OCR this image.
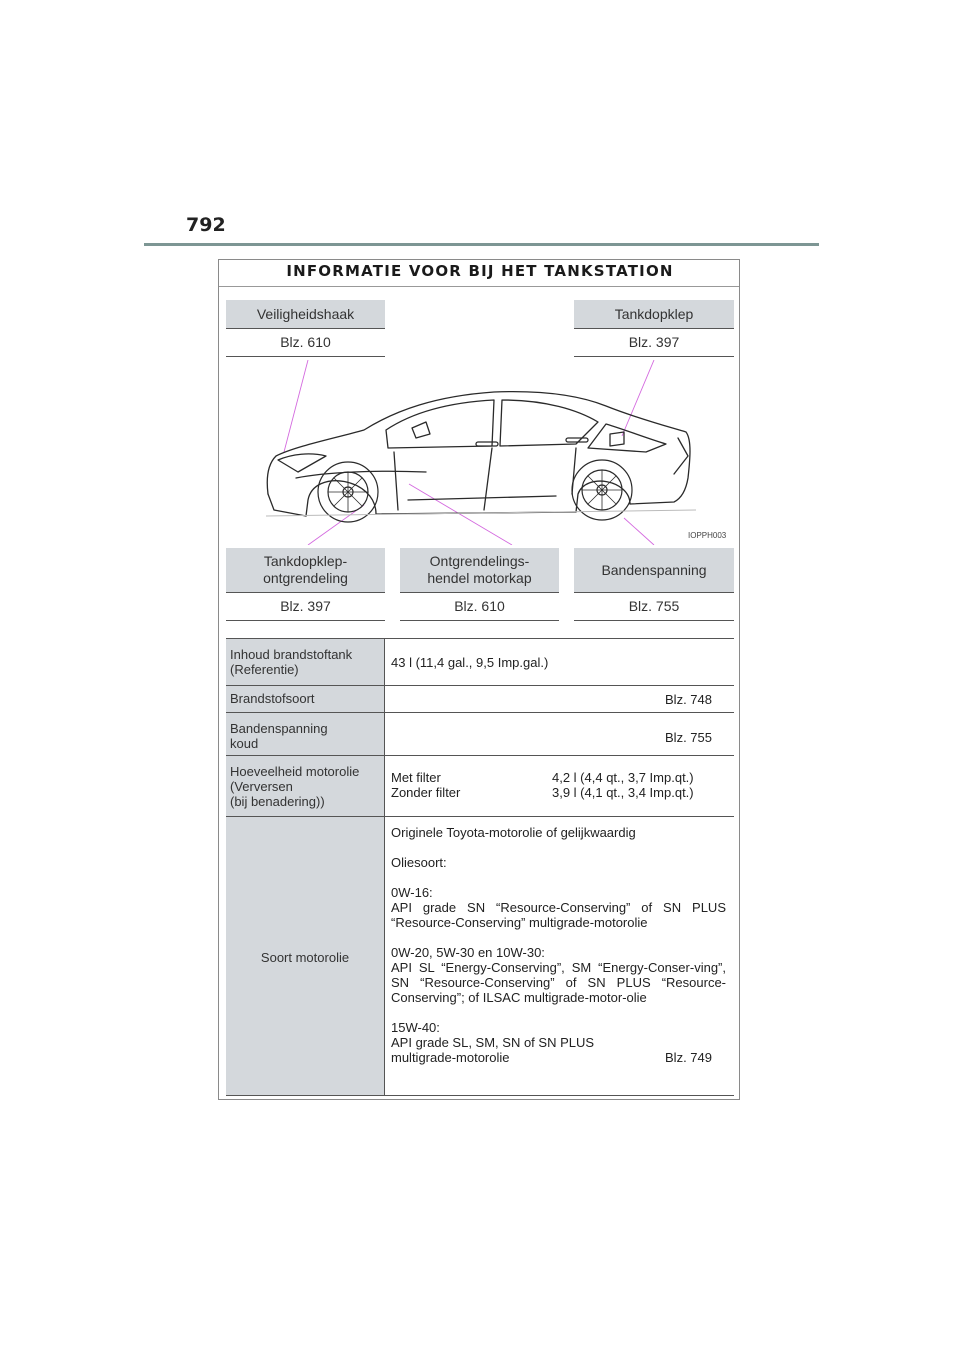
792
INFORMATIE VOOR BIJ HET TANKSTATION
Veiligheidshaak
Blz. 610
Tankdopklep
Blz. 397
IOPPH003
Tankdopklep-
ontgrendeling
Blz. 397
Ontgrendelings-
hendel motorkap
Blz. 610
Bandenspanning
Blz. 755
Inhoud brandstoftank
(Referentie)	43 l (11,4 gal., 9,5 Imp.gal.)
Brandstofsoort	Blz. 748
Bandenspanning
koud	Blz. 755
Hoeveelheid motorolie
(Verversen
(bij benadering))
Met filter	4,2 l (4,4 qt., 3,7 Imp.qt.)
Zonder filter	3,9 l (4,1 qt., 3,4 Imp.qt.)
Soort motorolie

Originele Toyota-motorolie of gelijkwaardig

Oliesoort:

0W-16:
API grade SN “Resource-Conserving” of SN PLUS “Resource-Conserving” multigrade-motorolie

0W-20, 5W-30 en 10W-30:
API SL “Energy-Conserving”, SM “Energy-Conser-ving”, SN “Resource-Conserving” of SN PLUS “Resource-Conserving”; of ILSAC multigrade-motor-olie

15W-40:
API grade SL, SM, SN of SN PLUS

multigrade-motorolie	Blz. 749
